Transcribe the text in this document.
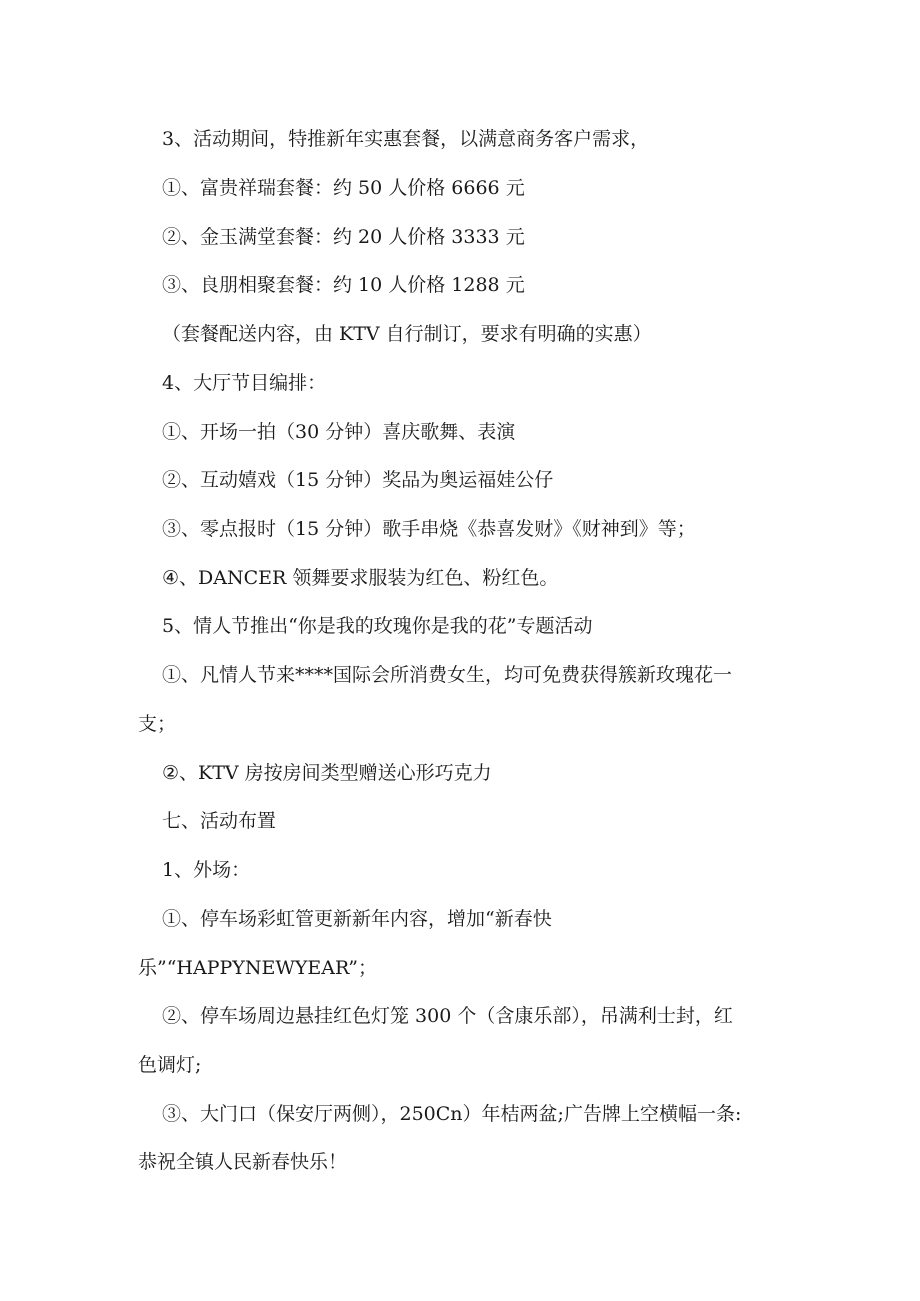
3、活动期间，特推新年实惠套餐，以满意商务客户需求，

①、富贵祥瑞套餐：约 50 人价格 6666 元

②、金玉满堂套餐：约 20 人价格 3333 元

③、良朋相聚套餐：约 10 人价格 1288 元

（套餐配送内容，由 KTV 自行制订，要求有明确的实惠）

4、大厅节目编排：

①、开场一拍（30 分钟）喜庆歌舞、表演

②、互动嬉戏（15 分钟）奖品为奥运福娃公仔

③、零点报时（15 分钟）歌手串烧《恭喜发财》《财神到》等；

④、DANCER 领舞要求服装为红色、粉红色。

5、情人节推出“你是我的玫瑰你是我的花”专题活动

①、凡情人节来****国际会所消费女生，均可免费获得簇新玫瑰花一

支；

②、KTV 房按房间类型赠送心形巧克力

七、活动布置

1、外场：

①、停车场彩虹管更新新年内容，增加“新春快

乐”“HAPPYNEWYEAR”；

②、停车场周边悬挂红色灯笼 300 个（含康乐部），吊满利士封，红

色调灯;

③、大门口（保安厅两侧），250Cn）年桔两盆;广告牌上空横幅一条:

恭祝全镇人民新春快乐！
